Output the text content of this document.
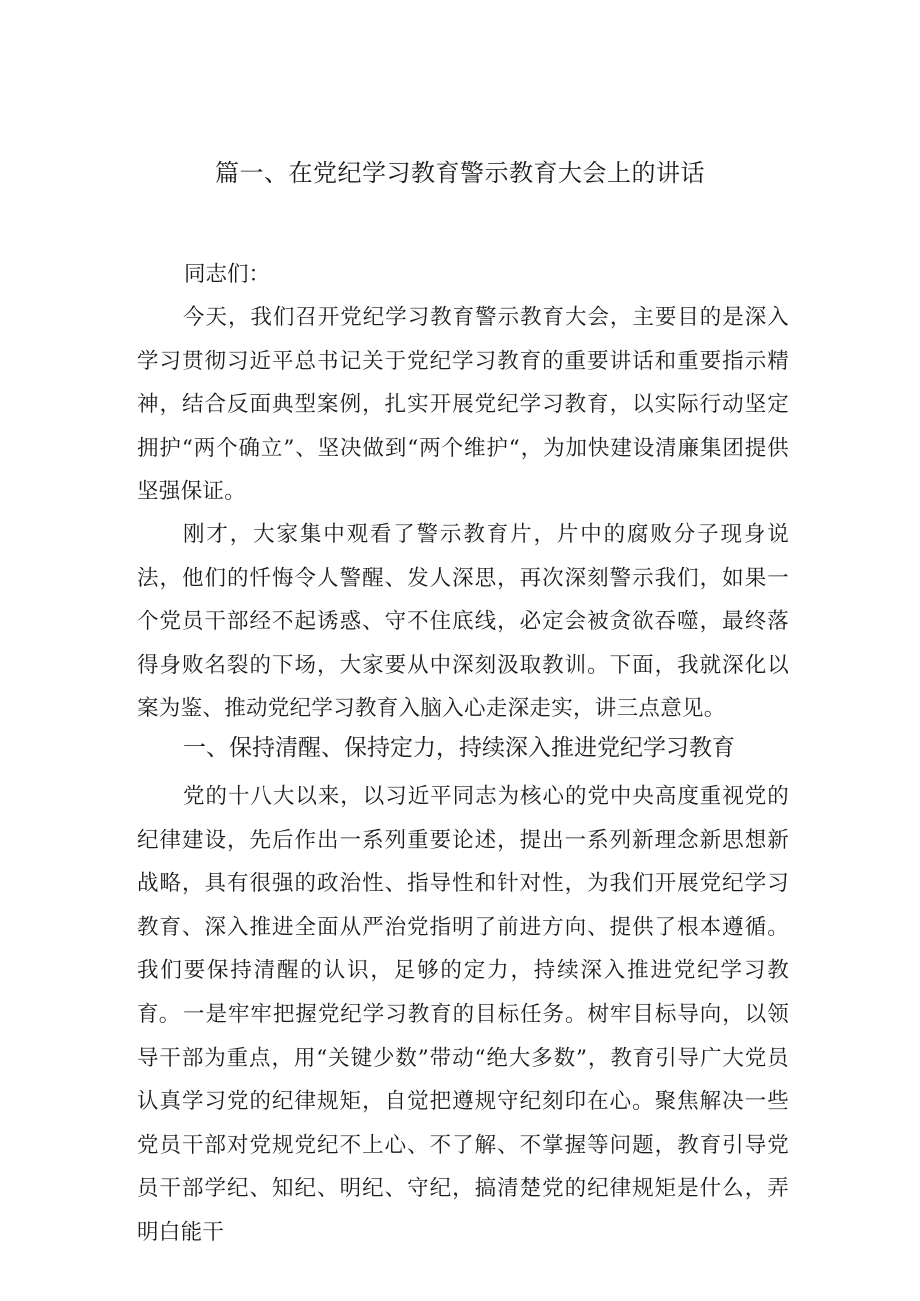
篇一、在党纪学习教育警示教育大会上的讲话

同志们：

今天，我们召开党纪学习教育警示教育大会，主要目的是深入学习贯彻习近平总书记关于党纪学习教育的重要讲话和重要指示精神，结合反面典型案例，扎实开展党纪学习教育，以实际行动坚定拥护“两个确立”、坚决做到“两个维护“，为加快建设清廉集团提供坚强保证。

刚才，大家集中观看了警示教育片，片中的腐败分子现身说法，他们的忏悔令人警醒、发人深思，再次深刻警示我们，如果一个党员干部经不起诱惑、守不住底线，必定会被贪欲吞噬，最终落得身败名裂的下场，大家要从中深刻汲取教训。下面，我就深化以案为鉴、推动党纪学习教育入脑入心走深走实，讲三点意见。

一、保持清醒、保持定力，持续深入推进党纪学习教育

党的十八大以来，以习近平同志为核心的党中央高度重视党的纪律建设，先后作出一系列重要论述，提出一系列新理念新思想新战略，具有很强的政治性、指导性和针对性，为我们开展党纪学习教育、深入推进全面从严治党指明了前进方向、提供了根本遵循。我们要保持清醒的认识，足够的定力，持续深入推进党纪学习教育。 一是牢牢把握党纪学习教育的目标任务。树牢目标导向，以领导干部为重点，用“关键少数”带动“绝大多数”，教育引导广大党员认真学习党的纪律规矩，自觉把遵规守纪刻印在心。聚焦解决一些党员干部对党规党纪不上心、不了解、不掌握等问题，教育引导党员干部学纪、知纪、明纪、守纪，搞清楚党的纪律规矩是什么，弄明白能干
